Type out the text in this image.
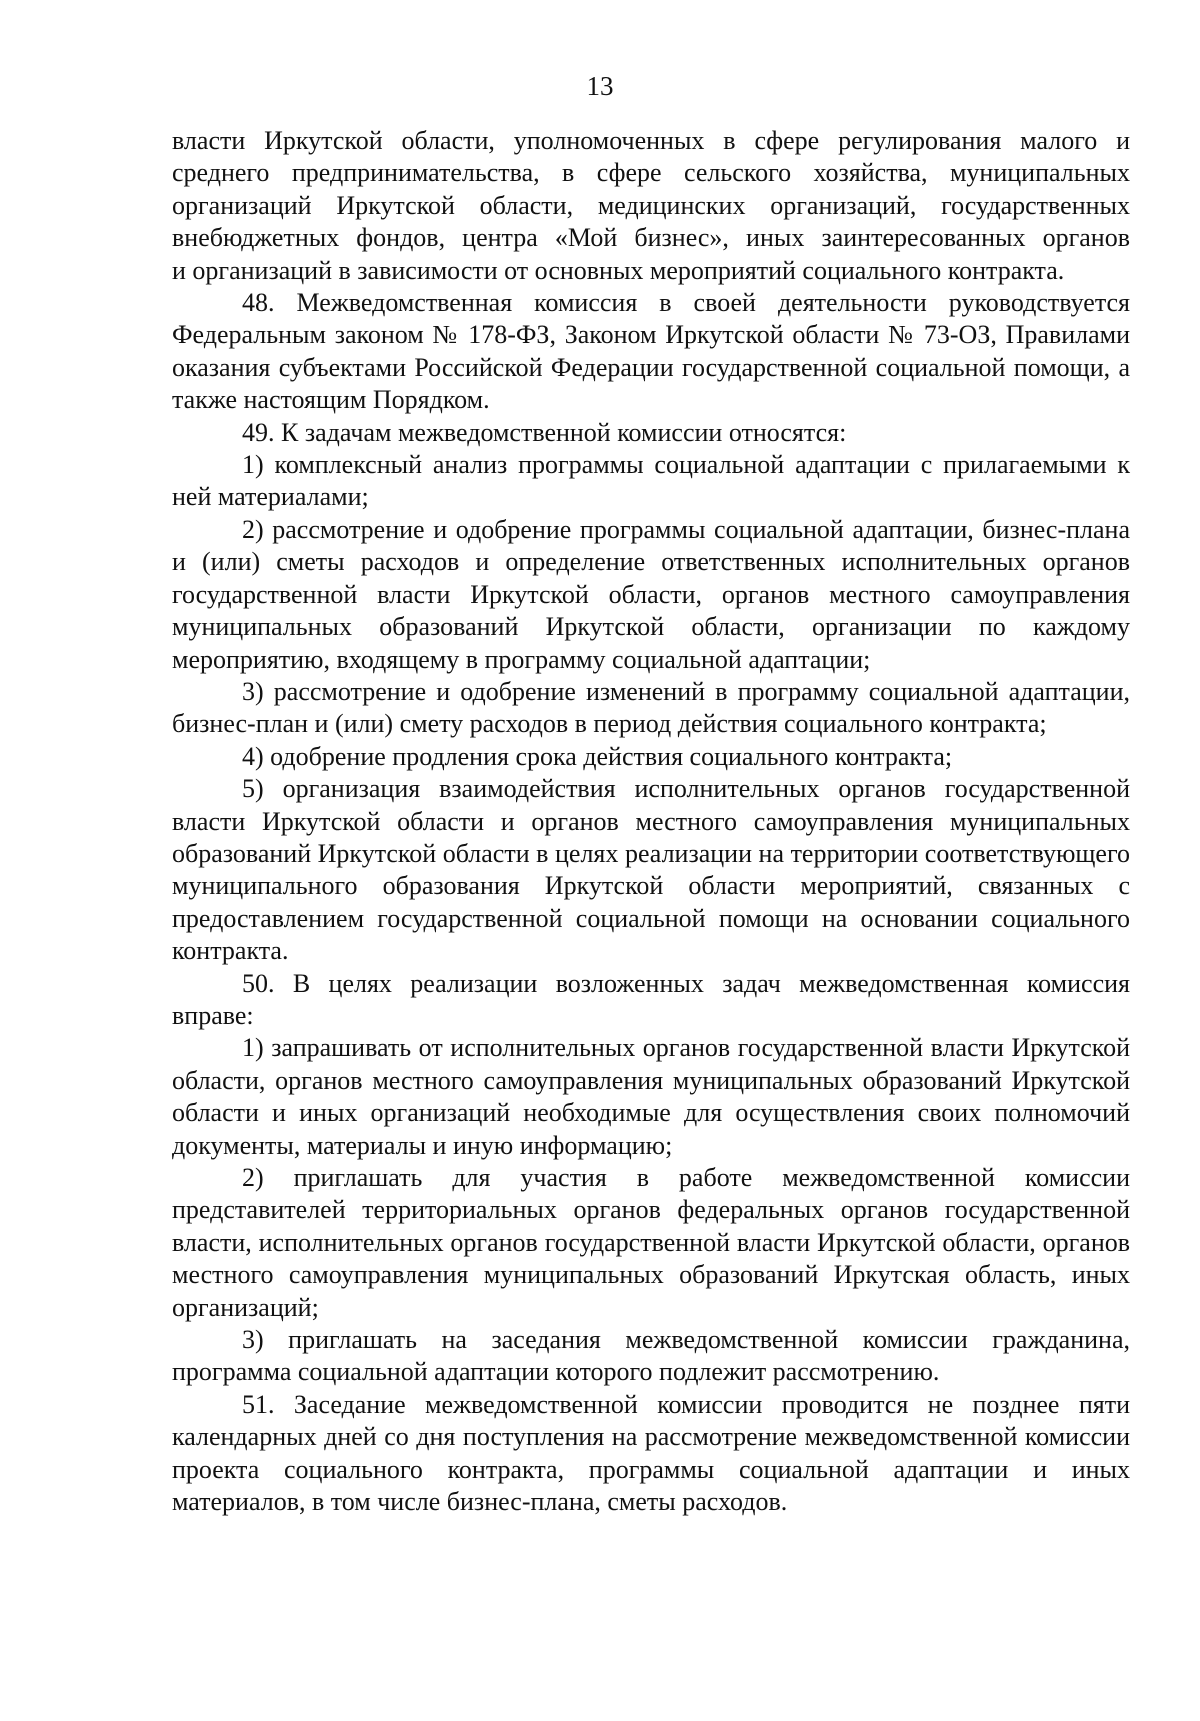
13

власти Иркутской области, уполномоченных в сфере регулирования малого и
среднего предпринимательства, в сфере сельского хозяйства, муниципальных
организаций Иркутской области, медицинских организаций, государственных
внебюджетных фондов, центра «Мой бизнес», иных заинтересованных органов
и организаций в зависимости от основных мероприятий социального контракта.

48. Межведомственная комиссия в своей деятельности руководствуется Федеральным законом № 178-ФЗ, Законом Иркутской области № 73-ОЗ, Правилами оказания субъектами Российской Федерации государственной социальной помощи, а также настоящим Порядком.

49. К задачам межведомственной комиссии относятся:

1) комплексный анализ программы социальной адаптации с прилагаемыми к ней материалами;

2) рассмотрение и одобрение программы социальной адаптации, бизнес-плана и (или) сметы расходов и определение ответственных исполнительных органов государственной власти Иркутской области, органов местного самоуправления муниципальных образований Иркутской области, организации по каждому мероприятию, входящему в программу социальной адаптации;

3) рассмотрение и одобрение изменений в программу социальной адаптации, бизнес-план и (или) смету расходов в период действия социального контракта;

4) одобрение продления срока действия социального контракта;

5) организация взаимодействия исполнительных органов государственной власти Иркутской области и органов местного самоуправления муниципальных образований Иркутской области в целях реализации на территории соответствующего муниципального образования Иркутской области мероприятий, связанных с предоставлением государственной социальной помощи на основании социального контракта.

50. В целях реализации возложенных задач межведомственная комиссия вправе:

1) запрашивать от исполнительных органов государственной власти Иркутской области, органов местного самоуправления муниципальных образований Иркутской области и иных организаций необходимые для осуществления своих полномочий документы, материалы и иную информацию;

2) приглашать для участия в работе межведомственной комиссии представителей территориальных органов федеральных органов государственной власти, исполнительных органов государственной власти Иркутской области, органов местного самоуправления муниципальных образований Иркутская область, иных организаций;

3) приглашать на заседания межведомственной комиссии гражданина, программа социальной адаптации которого подлежит рассмотрению.

51. Заседание межведомственной комиссии проводится не позднее пяти календарных дней со дня поступления на рассмотрение межведомственной комиссии проекта социального контракта, программы социальной адаптации и иных материалов, в том числе бизнес-плана, сметы расходов.
